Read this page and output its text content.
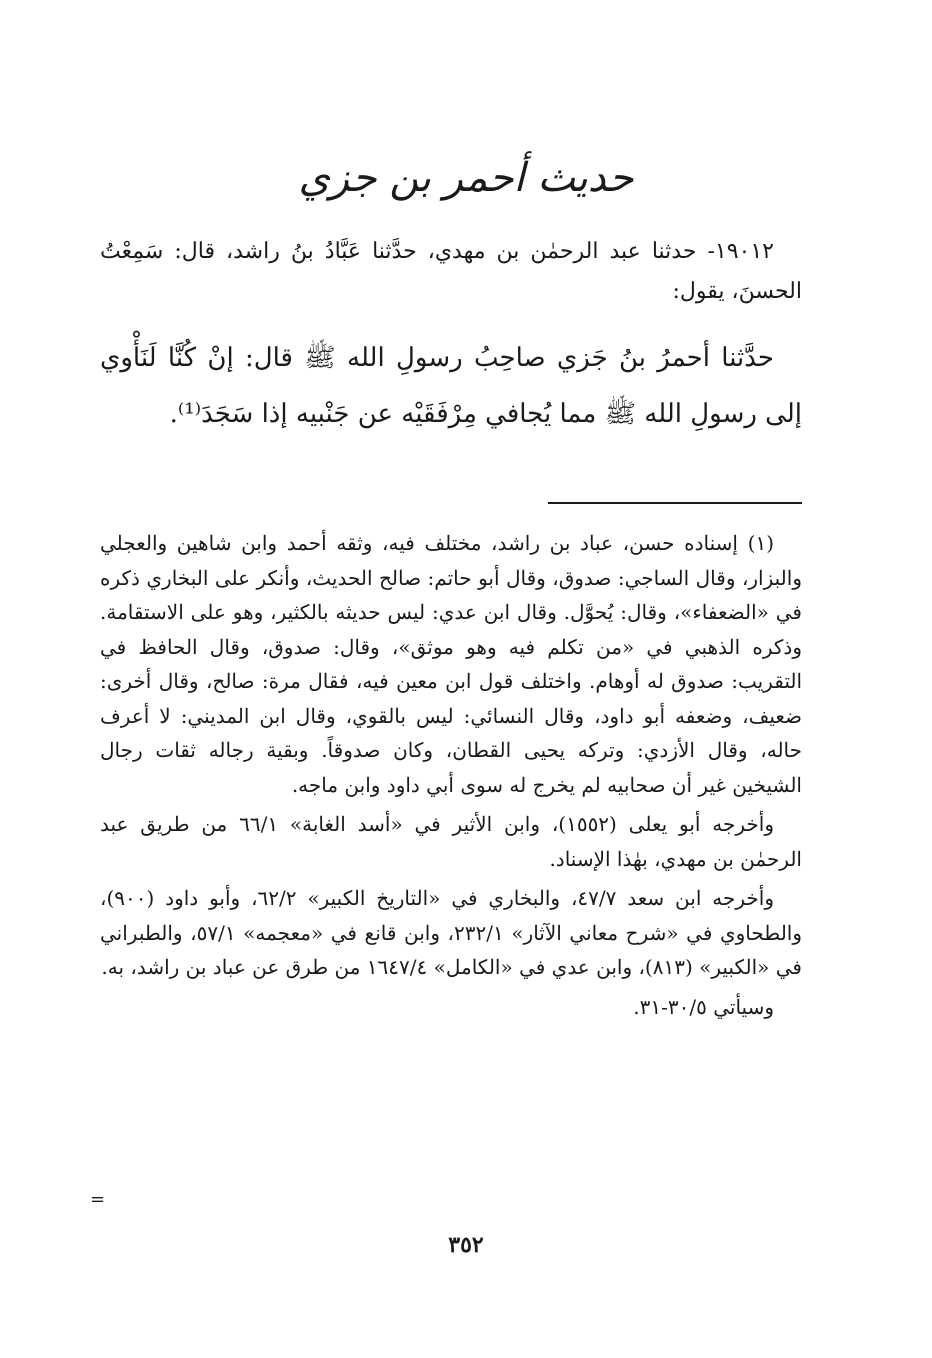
حديث أحمر بن جزي

١٩٠١٢- حدثنا عبد الرحمٰن بن مهدي، حدَّثنا عَبَّادُ بنُ راشد، قال: سَمِعْتُ الحسنَ، يقول:

حدَّثنا أحمرُ بنُ جَزي صاحِبُ رسولِ الله ﷺ قال: إنْ كُنَّا لَنَأْوي إلى رسولِ الله ﷺ مما يُجافي مِرْفَقَيْه عن جَنْبيه إذا سَجَدَ⁽¹⁾.

(١) إسناده حسن، عباد بن راشد، مختلف فيه، وثقه أحمد وابن شاهين والعجلي والبزار، وقال الساجي: صدوق، وقال أبو حاتم: صالح الحديث، وأنكر على البخاري ذكره في «الضعفاء»، وقال: يُحوَّل. وقال ابن عدي: ليس حديثه بالكثير، وهو على الاستقامة. وذكره الذهبي في «من تكلم فيه وهو موثق»، وقال: صدوق، وقال الحافظ في التقريب: صدوق له أوهام. واختلف قول ابن معين فيه، فقال مرة: صالح، وقال أخرى: ضعيف، وضعفه أبو داود، وقال النسائي: ليس بالقوي، وقال ابن المديني: لا أعرف حاله، وقال الأزدي: وتركه يحيى القطان، وكان صدوقاً. وبقية رجاله ثقات رجال الشيخين غير أن صحابيه لم يخرج له سوى أبي داود وابن ماجه.

وأخرجه أبو يعلى (١٥٥٢)، وابن الأثير في «أسد الغابة» ٦٦/١ من طريق عبد الرحمٰن بن مهدي، بهٰذا الإسناد.

وأخرجه ابن سعد ٤٧/٧، والبخاري في «التاريخ الكبير» ٦٢/٢، وأبو داود (٩٠٠)، والطحاوي في «شرح معاني الآثار» ٢٣٢/١، وابن قانع في «معجمه» ٥٧/١، والطبراني في «الكبير» (٨١٣)، وابن عدي في «الكامل» ١٦٤٧/٤ من طرق عن عباد بن راشد، به.

وسيأتي ٣٠/٥-٣١.

=
٣٥٢
